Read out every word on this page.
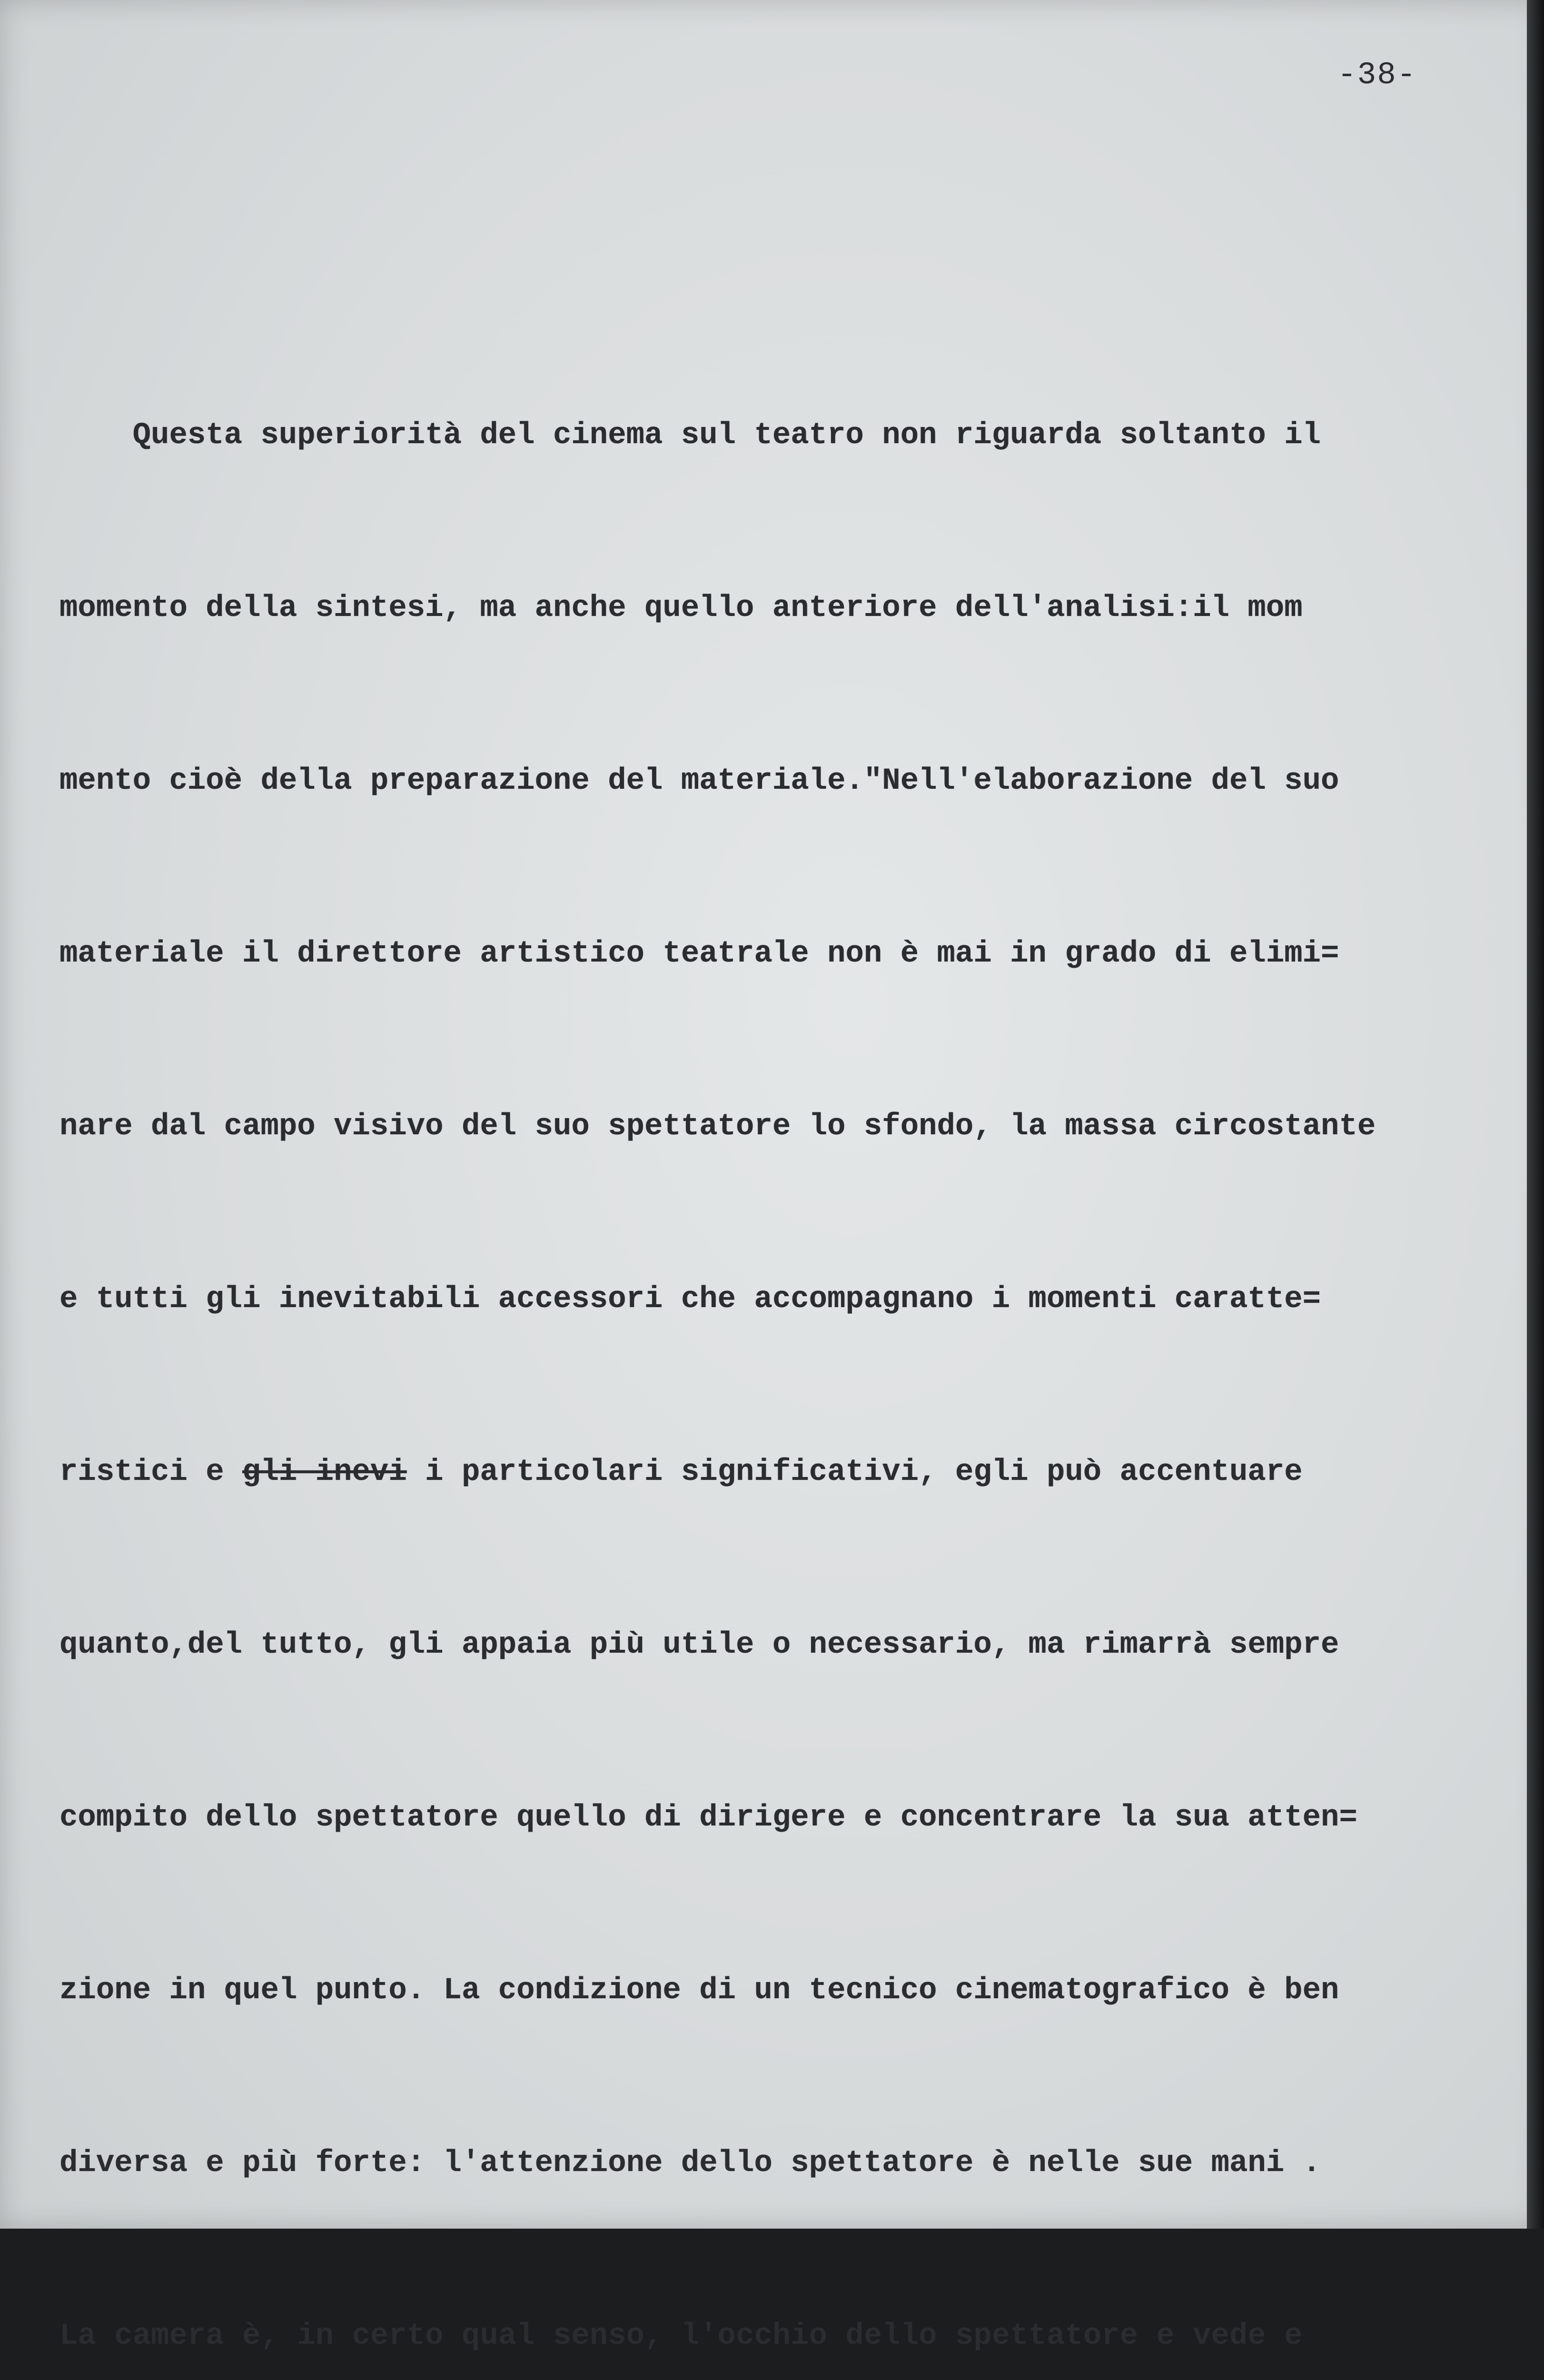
-38-

Questa superiorità del cinema sul teatro non riguarda soltanto il

momento della sintesi, ma anche quello anteriore dell'analisi:il mom

mento cioè della preparazione del materiale."Nell'elaborazione del suo

materiale il direttore artistico teatrale non è mai in grado di elimi=

nare dal campo visivo del suo spettatore lo sfondo, la massa circostante

e tutti gli inevitabili accessori che accompagnano i momenti caratte=

ristici e gli inevi i particolari significativi, egli può accentuare

quanto,del tutto, gli appaia più utile o necessario, ma rimarrà sempre

compito dello spettatore quello di dirigere e concentrare la sua atten=

zione in quel punto. La condizione di un tecnico cinematografico è ben

diversa e più forte: l'attenzione dello spettatore è nelle sue mani .

La camera è, in certo qual senso, l'occhio dello spettatore e vede e
